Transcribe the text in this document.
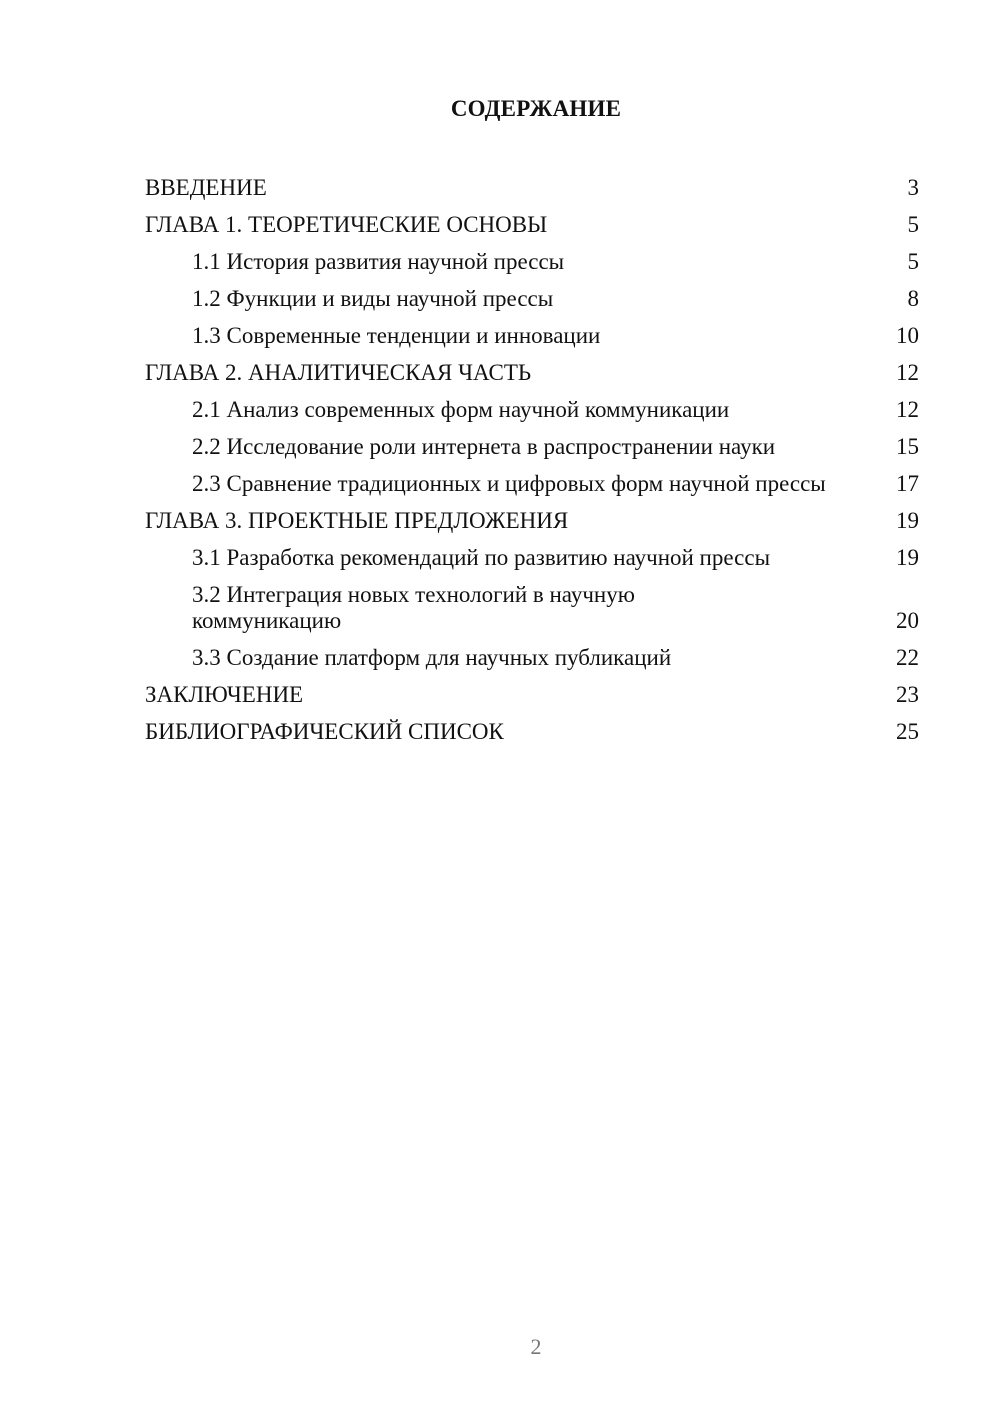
СОДЕРЖАНИЕ
ВВЕДЕНИЕ	3
ГЛАВА 1. ТЕОРЕТИЧЕСКИЕ ОСНОВЫ	5
1.1 История развития научной прессы	5
1.2 Функции и виды научной прессы	8
1.3 Современные тенденции и инновации	10
ГЛАВА 2. АНАЛИТИЧЕСКАЯ ЧАСТЬ	12
2.1 Анализ современных форм научной коммуникации	12
2.2 Исследование роли интернета в распространении науки	15
2.3 Сравнение традиционных и цифровых форм научной прессы	17
ГЛАВА 3. ПРОЕКТНЫЕ ПРЕДЛОЖЕНИЯ	19
3.1 Разработка рекомендаций по развитию научной прессы	19
3.2 Интеграция новых технологий в научную коммуникацию	20
3.3 Создание платформ для научных публикаций	22
ЗАКЛЮЧЕНИЕ	23
БИБЛИОГРАФИЧЕСКИЙ СПИСОК	25
2
